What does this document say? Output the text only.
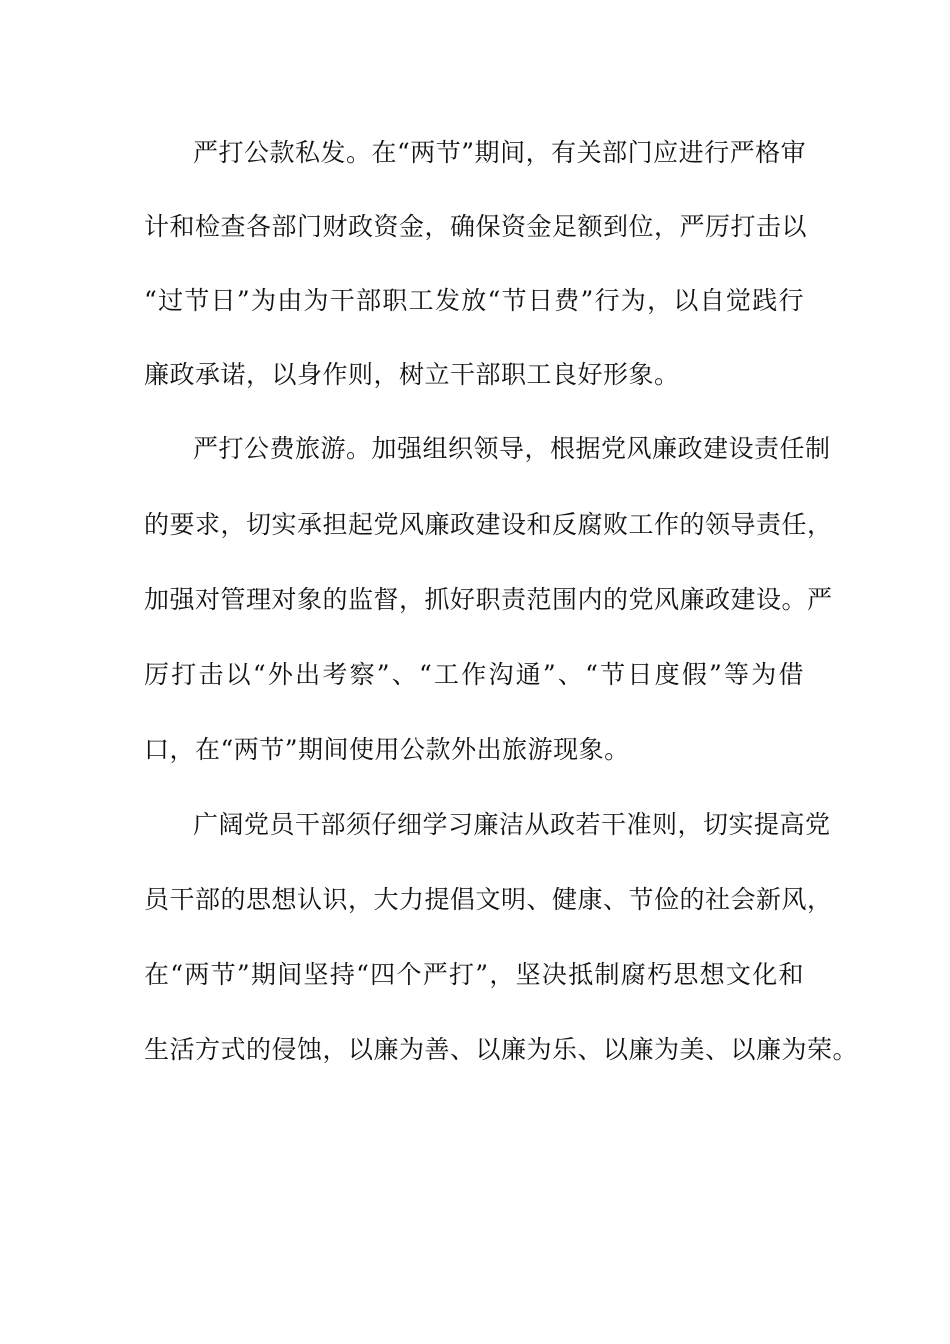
严打公款私发。在“两节”期间，有关部门应进行严格审
计和检查各部门财政资金，确保资金足额到位，严厉打击以
“过节日”为由为干部职工发放“节日费”行为，以自觉践行
廉政承诺，以身作则，树立干部职工良好形象。
严打公费旅游。加强组织领导，根据党风廉政建设责任制
的要求，切实承担起党风廉政建设和反腐败工作的领导责任，
加强对管理对象的监督，抓好职责范围内的党风廉政建设。严
厉打击以“外出考察”、“工作沟通”、“节日度假”等为借
口，在“两节”期间使用公款外出旅游现象。
广阔党员干部须仔细学习廉洁从政若干准则，切实提高党
员干部的思想认识，大力提倡文明、健康、节俭的社会新风，
在“两节”期间坚持“四个严打”，坚决抵制腐朽思想文化和
生活方式的侵蚀，以廉为善、以廉为乐、以廉为美、以廉为荣。
